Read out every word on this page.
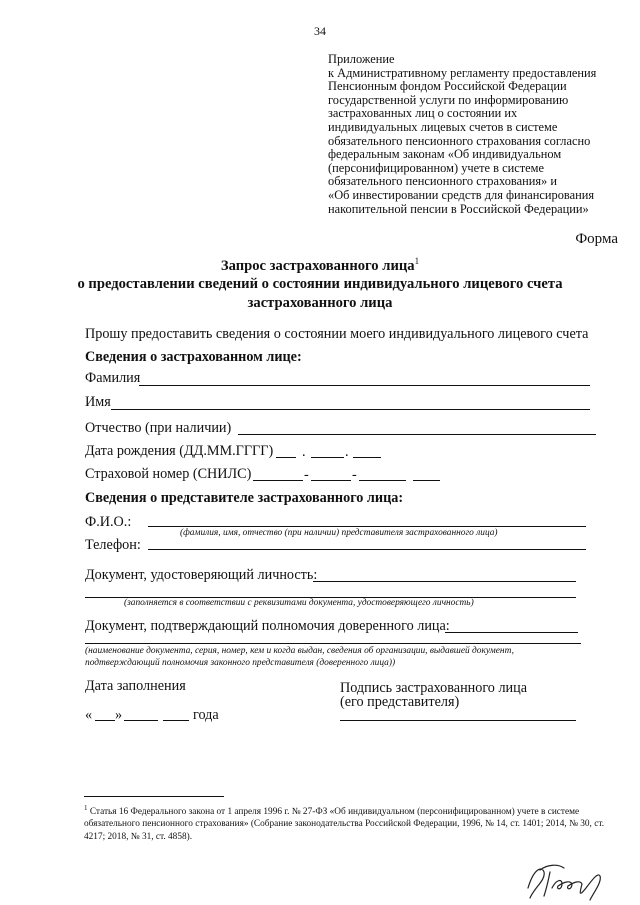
34
Приложение
к Административному регламенту предоставления
Пенсионным фондом Российской Федерации
государственной услуги по информированию
застрахованных лиц о состоянии их
индивидуальных лицевых счетов в системе
обязательного пенсионного страхования согласно
федеральным законам «Об индивидуальном
(персонифицированном) учете в системе
обязательного пенсионного страхования» и
«Об инвестировании средств для финансирования
накопительной пенсии в Российской Федерации»
Форма
Запрос застрахованного лица$^1$
о предоставлении сведений о состоянии индивидуального лицевого счета
застрахованного лица
Прошу предоставить сведения о состоянии моего индивидуального лицевого счета
Сведения о застрахованном лице:
Фамилия
Имя
Отчество (при наличии)
Дата рождения (ДД.ММ.ГГГГ) .	.
Страховой номер (СНИЛС)	-	-
Сведения о представителе застрахованного лица:
Ф.И.О.:
(фамилия, имя, отчество (при наличии) представителя застрахованного лица)
Телефон:
Документ, удостоверяющий личность:
(заполняется в соответствии с реквизитами документа, удостоверяющего личность)
Документ, подтверждающий полномочия доверенного лица:
(наименование документа, серия, номер, кем и когда выдан, сведения об организации, выдавшей документ,
подтверждающий полномочия законного представителя (доверенного лица))
Дата заполнения
« »	года
Подпись застрахованного лица
(его представителя)
$^1$ Статья 16 Федерального закона от 1 апреля 1996 г. № 27-ФЗ «Об индивидуальном (персонифицированном) учете в системе обязательного пенсионного страхования» (Собрание законодательства Российской Федерации, 1996, № 14, ст. 1401; 2014, № 30, ст. 4217; 2018, № 31, ст. 4858).
